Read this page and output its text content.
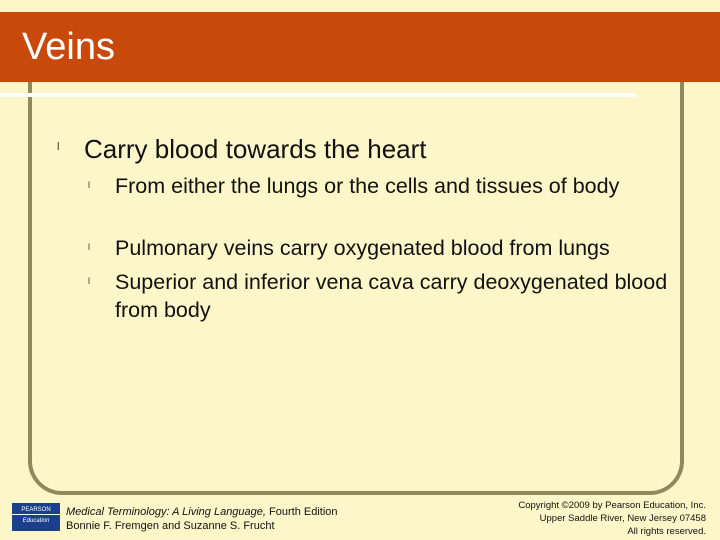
Veins
l Carry blood towards the heart
l From either the lungs or the cells and tissues of body
l Pulmonary veins carry oxygenated blood from lungs
l Superior and inferior vena cava carry deoxygenated blood from body
PEARSON
Education
Medical Terminology: A Living Language, Fourth Edition
Bonnie F. Fremgen and Suzanne S. Frucht
Copyright ©2009 by Pearson Education, Inc.
Upper Saddle River, New Jersey 07458
All rights reserved.
